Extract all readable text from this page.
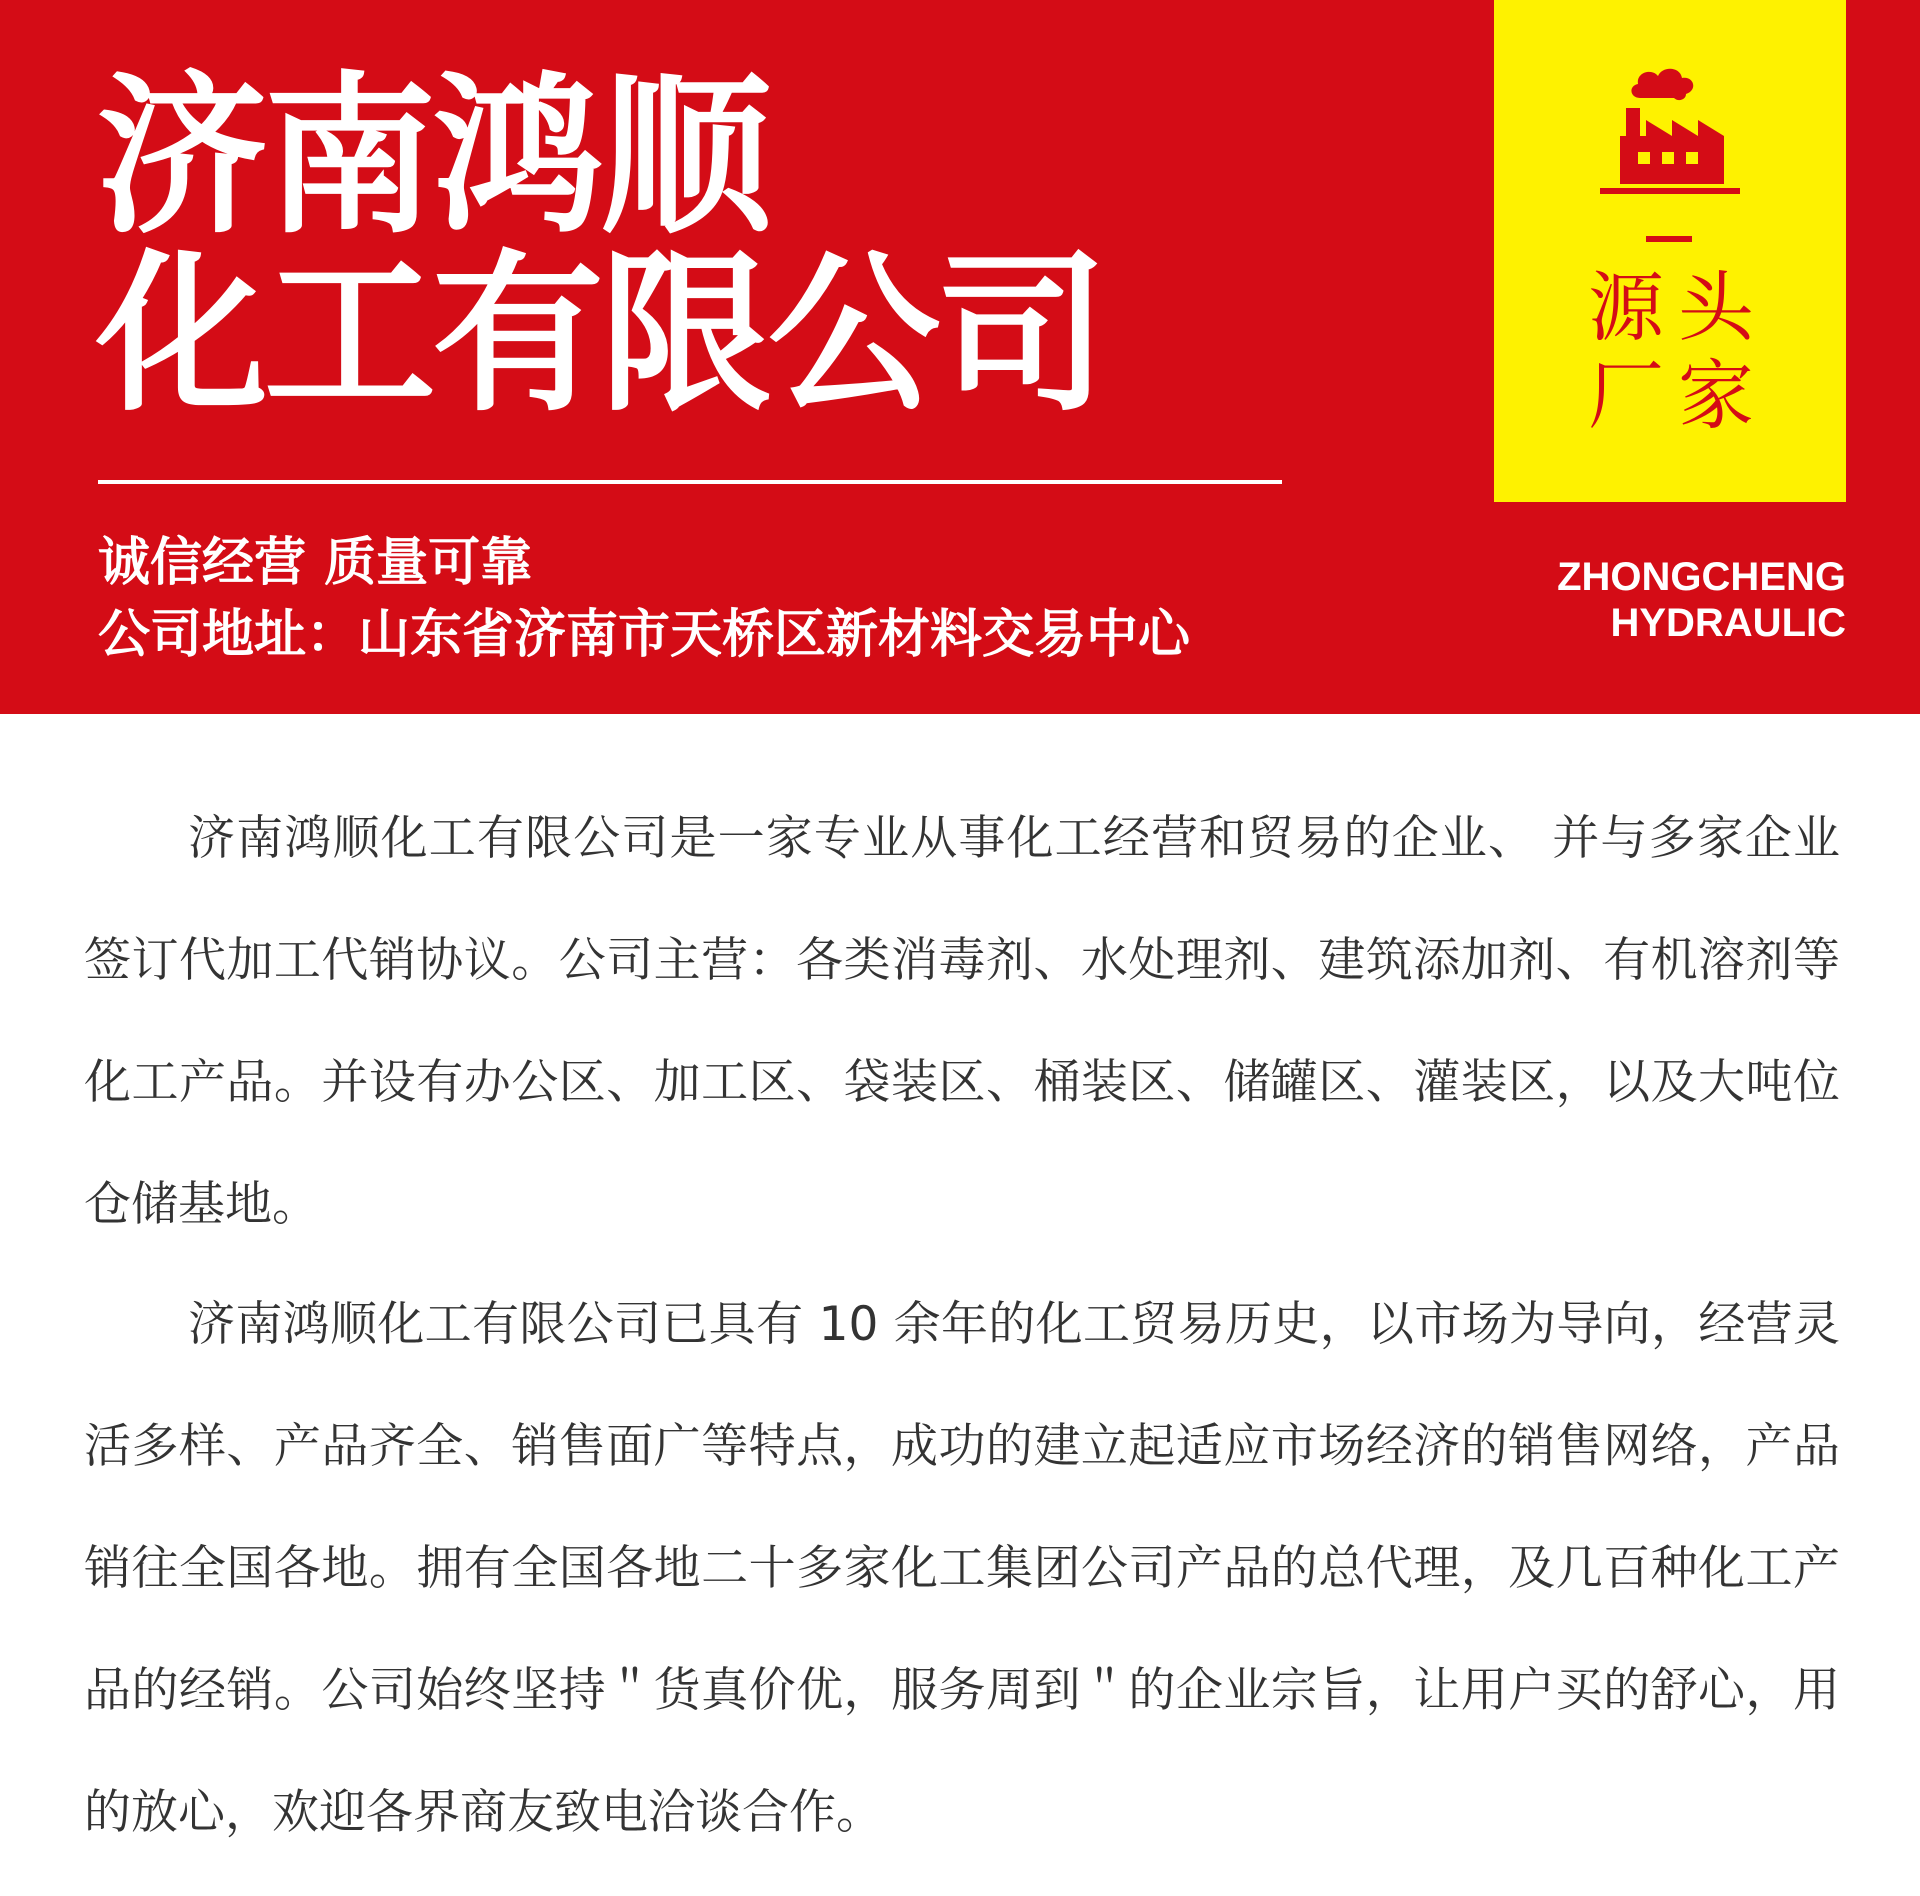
济南鸿顺
化工有限公司
诚信经营 质量可靠
公司地址：山东省济南市天桥区新材料交易中心
源 头
厂 家
ZHONGCHENG
HYDRAULIC

济南鸿顺化工有限公司是一家专业从事化工经营和贸易的企业、 并与多家企业签订代加工代销协议。公司主营：各类消毒剂、水处理剂、建筑添加剂、有机溶剂等化工产品。并设有办公区、加工区、袋装区、桶装区、储罐区、灌装区，以及大吨位仓储基地。

济南鸿顺化工有限公司已具有 10 余年的化工贸易历史，以市场为导向，经营灵活多样、产品齐全、销售面广等特点，成功的建立起适应市场经济的销售网络，产品销往全国各地。拥有全国各地二十多家化工集团公司产品的总代理，及几百种化工产品的经销。公司始终坚持＂货真价优，服务周到＂的企业宗旨，让用户买的舒心，用的放心，欢迎各界商友致电洽谈合作。
